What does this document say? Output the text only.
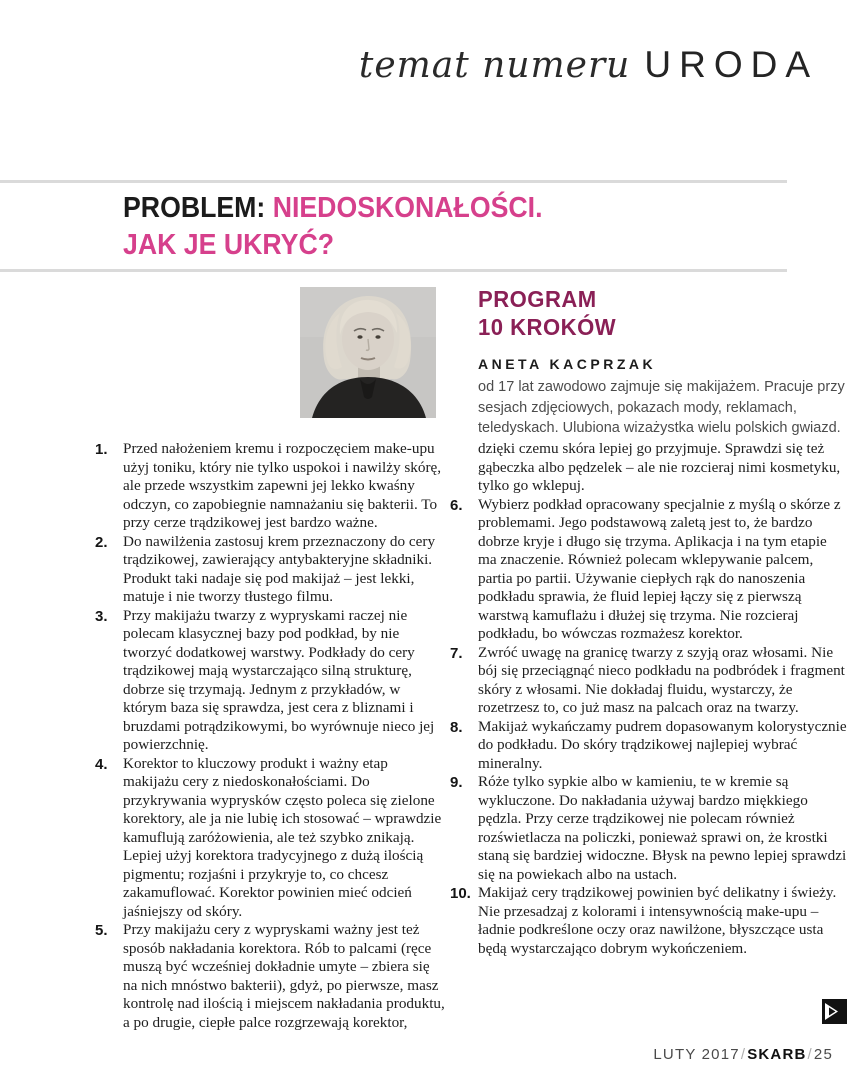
temat numeru URODA
PROBLEM: NIEDOSKONAŁOŚCI.
JAK JE UKRYĆ?
PROGRAM
10 KROKÓW
ANETA KACPRZAK
od 17 lat zawodowo zajmuje się makijażem. Pracuje przy sesjach zdjęciowych, pokazach mody, reklamach, teledyskach. Ulubiona wizażystka wielu polskich gwiazd.
1.	Przed nałożeniem kremu i rozpoczęciem make-upu użyj toniku, który nie tylko uspokoi i nawilży skórę, ale przede wszystkim zapewni jej lekko kwaśny odczyn, co zapobiegnie namnażaniu się bakterii. To przy cerze trądzikowej jest bardzo ważne.

2.	Do nawilżenia zastosuj krem przeznaczony do cery trądzikowej, zawierający antybakteryjne składniki. Produkt taki nadaje się pod makijaż – jest lekki, matuje i nie tworzy tłustego filmu.

3.	Przy makijażu twarzy z wypryskami raczej nie polecam klasycznej bazy pod podkład, by nie tworzyć dodatkowej warstwy. Podkłady do cery trądzikowej mają wystarczająco silną strukturę, dobrze się trzymają. Jednym z przykładów, w którym baza się sprawdza, jest cera z bliznami i bruzdami potrądzikowymi, bo wyrównuje nieco jej powierzchnię.

4.	Korektor to kluczowy produkt i ważny etap makijażu cery z niedoskonałościami. Do przykrywania wyprysków często poleca się zielone korektory, ale ja nie lubię ich stosować – wprawdzie kamuflują zaróżowienia, ale też szybko znikają. Lepiej użyj korektora tradycyjnego z dużą ilością pigmentu; rozjaśni i przykryje to, co chcesz zakamuflować. Korektor powinien mieć odcień jaśniejszy od skóry.

5.	Przy makijażu cery z wypryskami ważny jest też sposób nakładania korektora. Rób to palcami (ręce muszą być wcześniej dokładnie umyte – zbiera się na nich mnóstwo bakterii), gdyż, po pierwsze, masz kontrolę nad ilością i miejscem nakładania produktu, a po drugie, ciepłe palce rozgrzewają korektor,

dzięki czemu skóra lepiej go przyjmuje. Sprawdzi się też gąbeczka albo pędzelek – ale nie rozcieraj nimi kosmetyku, tylko go wklepuj.

6.	Wybierz podkład opracowany specjalnie z myślą o skórze z problemami. Jego podstawową zaletą jest to, że bardzo dobrze kryje i długo się trzyma. Aplikacja i na tym etapie ma znaczenie. Również polecam wklepywanie palcem, partia po partii. Używanie ciepłych rąk do nanoszenia podkładu sprawia, że fluid lepiej łączy się z pierwszą warstwą kamuflażu i dłużej się trzyma. Nie rozcieraj podkładu, bo wówczas rozmażesz korektor.

7.	Zwróć uwagę na granicę twarzy z szyją oraz włosami. Nie bój się przeciągnąć nieco podkładu na podbródek i fragment skóry z włosami. Nie dokładaj fluidu, wystarczy, że rozetrzesz to, co już masz na palcach oraz na twarzy.

8.	Makijaż wykańczamy pudrem dopasowanym kolorystycznie do podkładu. Do skóry trądzikowej najlepiej wybrać mineralny.

9.	Róże tylko sypkie albo w kamieniu, te w kremie są wykluczone. Do nakładania używaj bardzo miękkiego pędzla. Przy cerze trądzikowej nie polecam również rozświetlacza na policzki, ponieważ sprawi on, że krostki staną się bardziej widoczne. Błysk na pewno lepiej sprawdzi się na powiekach albo na ustach.

10. Makijaż cery trądzikowej powinien być delikatny i świeży. Nie przesadzaj z kolorami i intensywnością make-upu – ładnie podkreślone oczy oraz nawilżone, błyszczące usta będą wystarczająco dobrym wykończeniem.

LUTY 2017/SKARB/25
